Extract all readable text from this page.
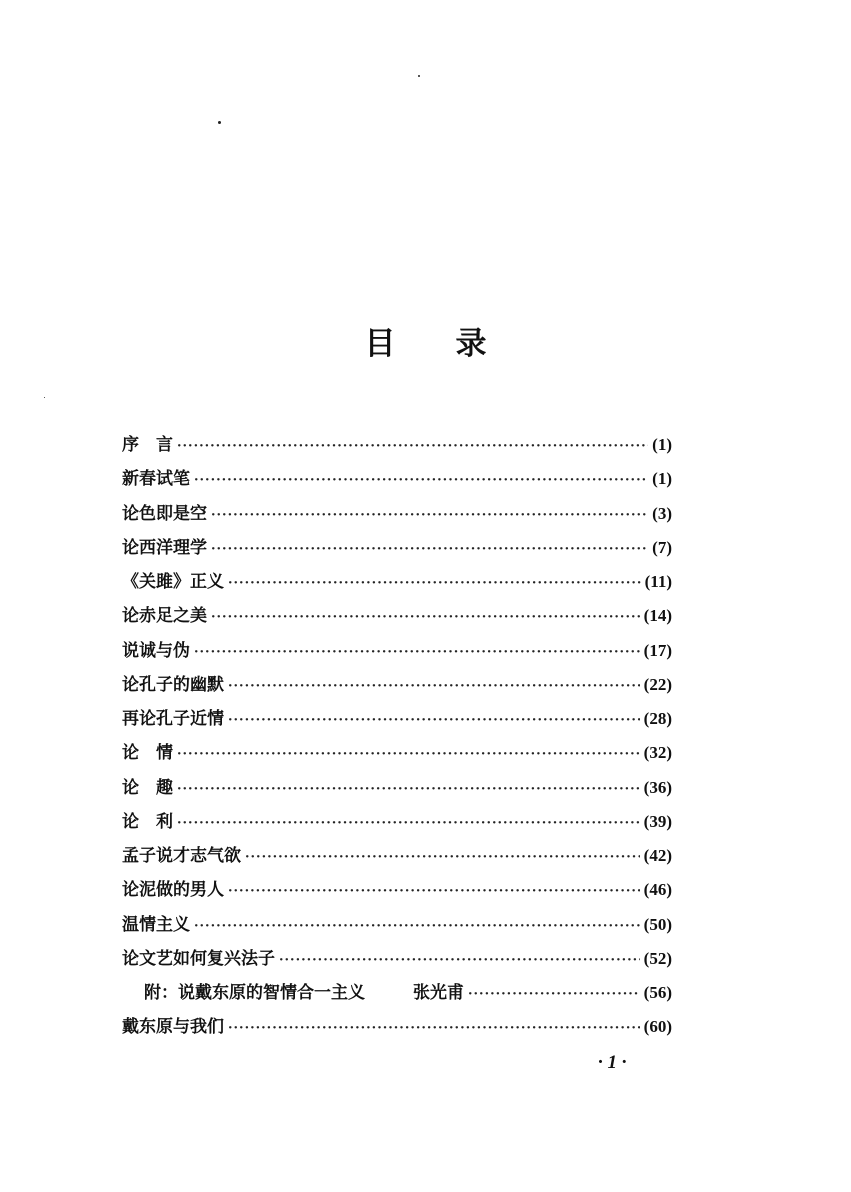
目 录
序　言 ·····	(1)
新春试笔 ·····	(1)
论色即是空 ·····	(3)
论西洋理学 ·····	(7)
《关雎》正义 ·····	(11)
论赤足之美 ·····	(14)
说诚与伪 ·····	(17)
论孔子的幽默 ·····	(22)
再论孔子近情 ·····	(28)
论　情 ·····	(32)
论　趣 ·····	(36)
论　利 ·····	(39)
孟子说才志气欲 ·····	(42)
论泥做的男人 ·····	(46)
温情主义 ·····	(50)
论文艺如何复兴法子 ·····	(52)
附：说戴东原的智情合一主义	张光甫 ·····	(56)
戴东原与我们 ·····	(60)
· 1 ·
